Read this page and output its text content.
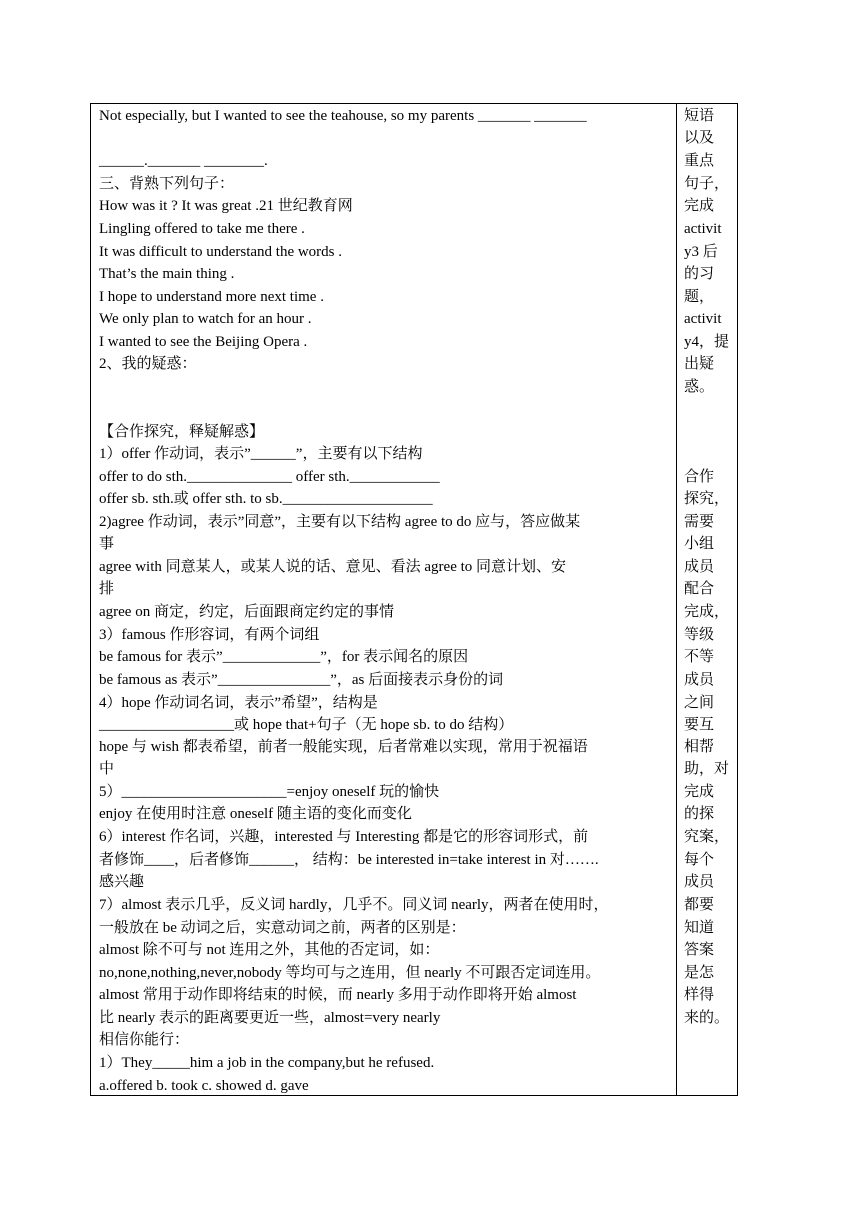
Not especially, but I wanted to see the teahouse, so my parents _______ _______
______._______ ________.
三、背熟下列句子：
How was it ? It was great .21 世纪教育网
Lingling offered to take me there .
It was difficult to understand the words .
That’s the main thing .
I hope to understand more next time .
We only plan to watch for an hour .
I wanted to see the Beijing Opera .
2、我的疑惑：
【合作探究，释疑解惑】
1）offer 作动词，表示”______”，主要有以下结构
offer to do sth.______________ offer sth.____________
offer sb. sth.或 offer sth. to sb.____________________
2)agree 作动词，表示”同意”，主要有以下结构 agree to do 应与，答应做某
事
agree with 同意某人，或某人说的话、意见、看法 agree to 同意计划、安
排
agree on 商定，约定，后面跟商定约定的事情
3）famous 作形容词，有两个词组
be famous for 表示”_____________”，for 表示闻名的原因
be famous as 表示”_______________”，as 后面接表示身份的词
4）hope 作动词名词，表示”希望”，结构是
__________________或 hope that+句子（无 hope sb. to do 结构）
hope 与 wish 都表希望，前者一般能实现，后者常难以实现，常用于祝福语
中
5）______________________=enjoy oneself 玩的愉快
enjoy 在使用时注意 oneself 随主语的变化而变化
6）interest 作名词，兴趣，interested 与 Interesting 都是它的形容词形式，前
者修饰____，后者修饰______， 结构：be interested in=take interest in 对…….
感兴趣
7）almost 表示几乎，反义词 hardly，几乎不。同义词 nearly，两者在使用时，
一般放在 be 动词之后，实意动词之前，两者的区别是：
almost 除不可与 not 连用之外，其他的否定词，如：
no,none,nothing,never,nobody 等均可与之连用，但 nearly 不可跟否定词连用。
almost 常用于动作即将结束的时候，而 nearly 多用于动作即将开始 almost
比 nearly 表示的距离要更近一些，almost=very nearly
相信你能行：
1）They_____him a job in the company,but he refused.
a.offered b. took c. showed d. gave
短语
以及
重点
句子，
完成
activit
y3 后
的习
题，
activit
y4，提
出疑
惑。
合作
探究，
需要
小组
成员
配合
完成，
等级
不等
成员
之间
要互
相帮
助，对
完成
的探
究案，
每个
成员
都要
知道
答案
是怎
样得
来的。
